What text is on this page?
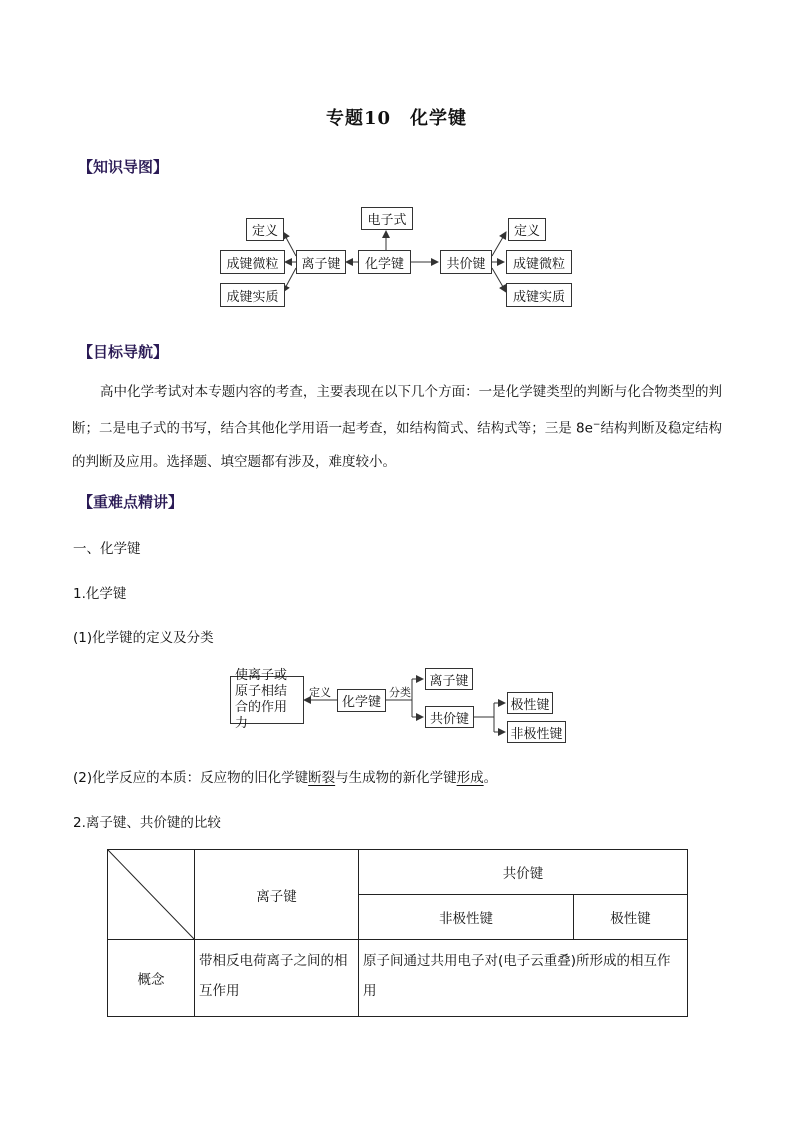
专题10　化学键
【知识导图】
电子式
化学键
离子键	共价键
定义
成键微粒
成键实质
定义
成键微粒
成键实质
【目标导航】
高中化学考试对本专题内容的考查，主要表现在以下几个方面：一是化学键类型的判断与化合物类型的判断；二是电子式的书写，结合其他化学用语一起考查，如结构简式、结构式等；三是 8e−结构判断及稳定结构的判断及应用。选择题、填空题都有涉及，难度较小。
【重难点精讲】
一、化学键
1.化学键
(1)化学键的定义及分类
使离子或原子相结合的作用力
定义
化学键
分类
离子键
共价键
极性键
非极性键
(2)化学反应的本质：反应物的旧化学键断裂与生成物的新化学键形成。
2.离子键、共价键的比较
	离子键	共价键	
		非极性键	极性键
概念	带相反电荷离子之间的相互作用	原子间通过共用电子对(电子云重叠)所形成的相互作用	
